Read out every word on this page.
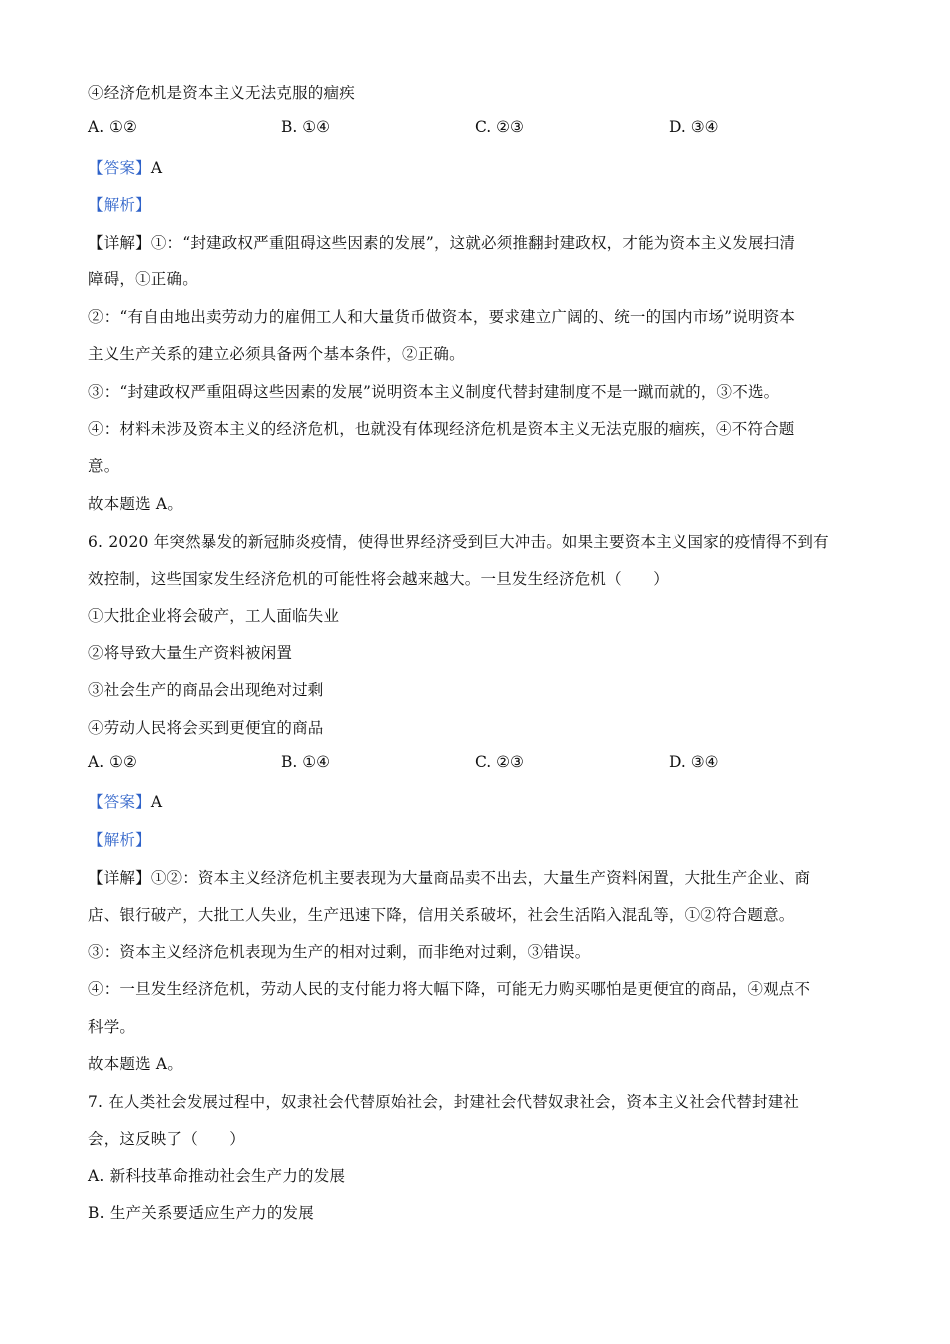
④经济危机是资本主义无法克服的痼疾
A. ①②	B. ①④	C. ②③	D. ③④
【答案】A
【解析】
【详解】①：“封建政权严重阻碍这些因素的发展”，这就必须推翻封建政权，才能为资本主义发展扫清
障碍，①正确。
②：“有自由地出卖劳动力的雇佣工人和大量货币做资本，要求建立广阔的、统一的国内市场”说明资本
主义生产关系的建立必须具备两个基本条件，②正确。
③：“封建政权严重阻碍这些因素的发展”说明资本主义制度代替封建制度不是一蹴而就的，③不选。
④：材料未涉及资本主义的经济危机，也就没有体现经济危机是资本主义无法克服的痼疾，④不符合题
意。
故本题选 A。
6. 2020 年突然暴发的新冠肺炎疫情，使得世界经济受到巨大冲击。如果主要资本主义国家的疫情得不到有
效控制，这些国家发生经济危机的可能性将会越来越大。一旦发生经济危机（　　）
①大批企业将会破产，工人面临失业
②将导致大量生产资料被闲置
③社会生产的商品会出现绝对过剩
④劳动人民将会买到更便宜的商品
A. ①②	B. ①④	C. ②③	D. ③④
【答案】A
【解析】
【详解】①②：资本主义经济危机主要表现为大量商品卖不出去，大量生产资料闲置，大批生产企业、商
店、银行破产，大批工人失业，生产迅速下降，信用关系破坏，社会生活陷入混乱等，①②符合题意。
③：资本主义经济危机表现为生产的相对过剩，而非绝对过剩，③错误。
④：一旦发生经济危机，劳动人民的支付能力将大幅下降，可能无力购买哪怕是更便宜的商品，④观点不
科学。
故本题选 A。
7. 在人类社会发展过程中，奴隶社会代替原始社会，封建社会代替奴隶社会，资本主义社会代替封建社
会，这反映了（　　）
A. 新科技革命推动社会生产力的发展
B. 生产关系要适应生产力的发展
